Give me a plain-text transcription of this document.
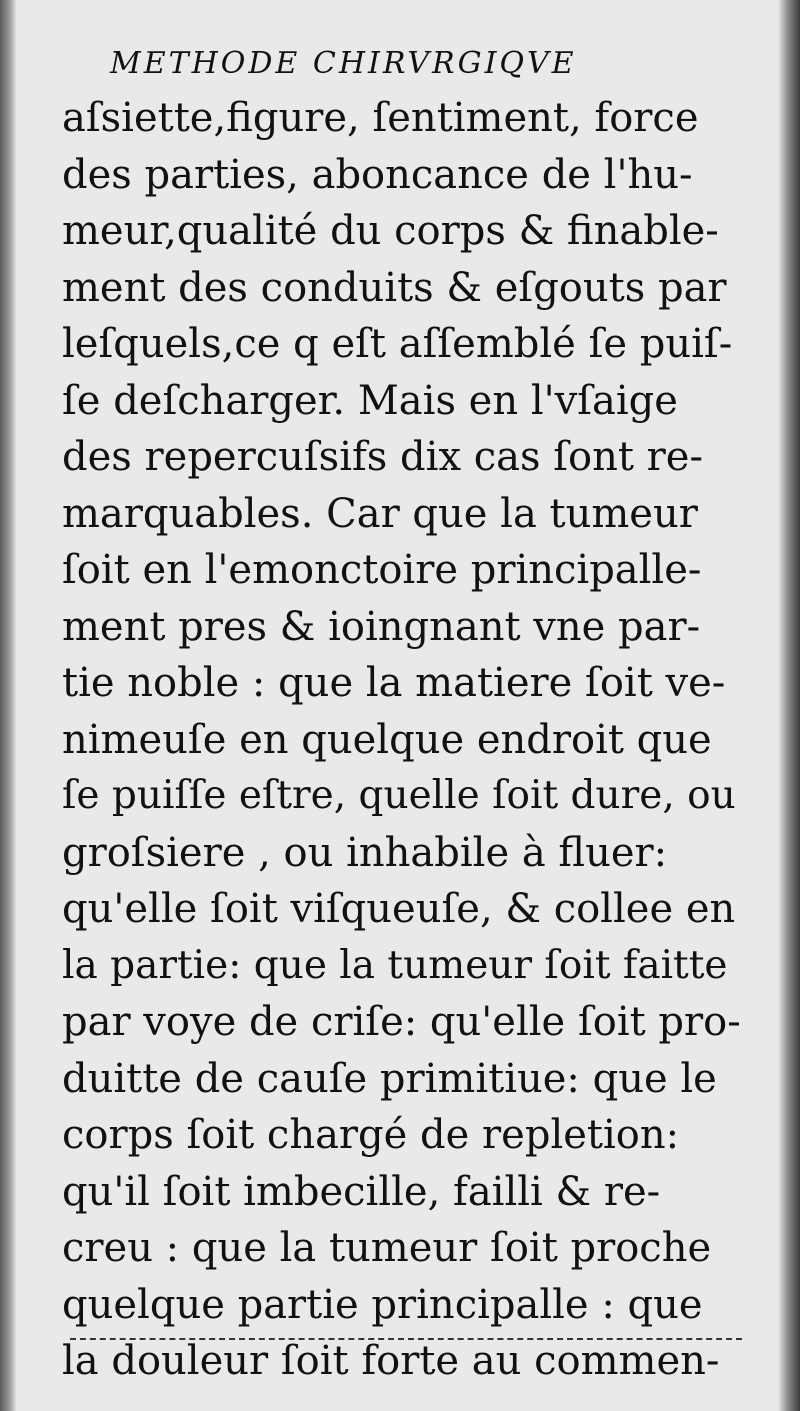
METHODE CHIRVRGIQVE
aſsiette,figure, ſentiment, force
des parties, aboncance de l'hu-
meur,qualité du corps & finable-
ment des conduits & eſgouts par
leſquels,ce q eſt aſſemblé ſe puiſ-
ſe deſcharger. Mais en l'vſaige
des repercuſsifs dix cas ſont re-
marquables. Car que la tumeur
ſoit en l'emonctoire principalle-
ment pres & ioingnant vne par-
tie noble : que la matiere ſoit ve-
nimeuſe en quelque endroit que
ſe puiſſe eſtre, quelle ſoit dure, ou
groſsiere , ou inhabile à fluer:
qu'elle ſoit viſqueuſe, & collee en
la partie: que la tumeur ſoit faitte
par voye de criſe: qu'elle ſoit pro-
duitte de cauſe primitiue: que le
corps ſoit chargé de repletion:
qu'il ſoit imbecille, failli & re-
creu : que la tumeur ſoit proche
quelque partie principalle : que
la douleur ſoit forte au commen-
